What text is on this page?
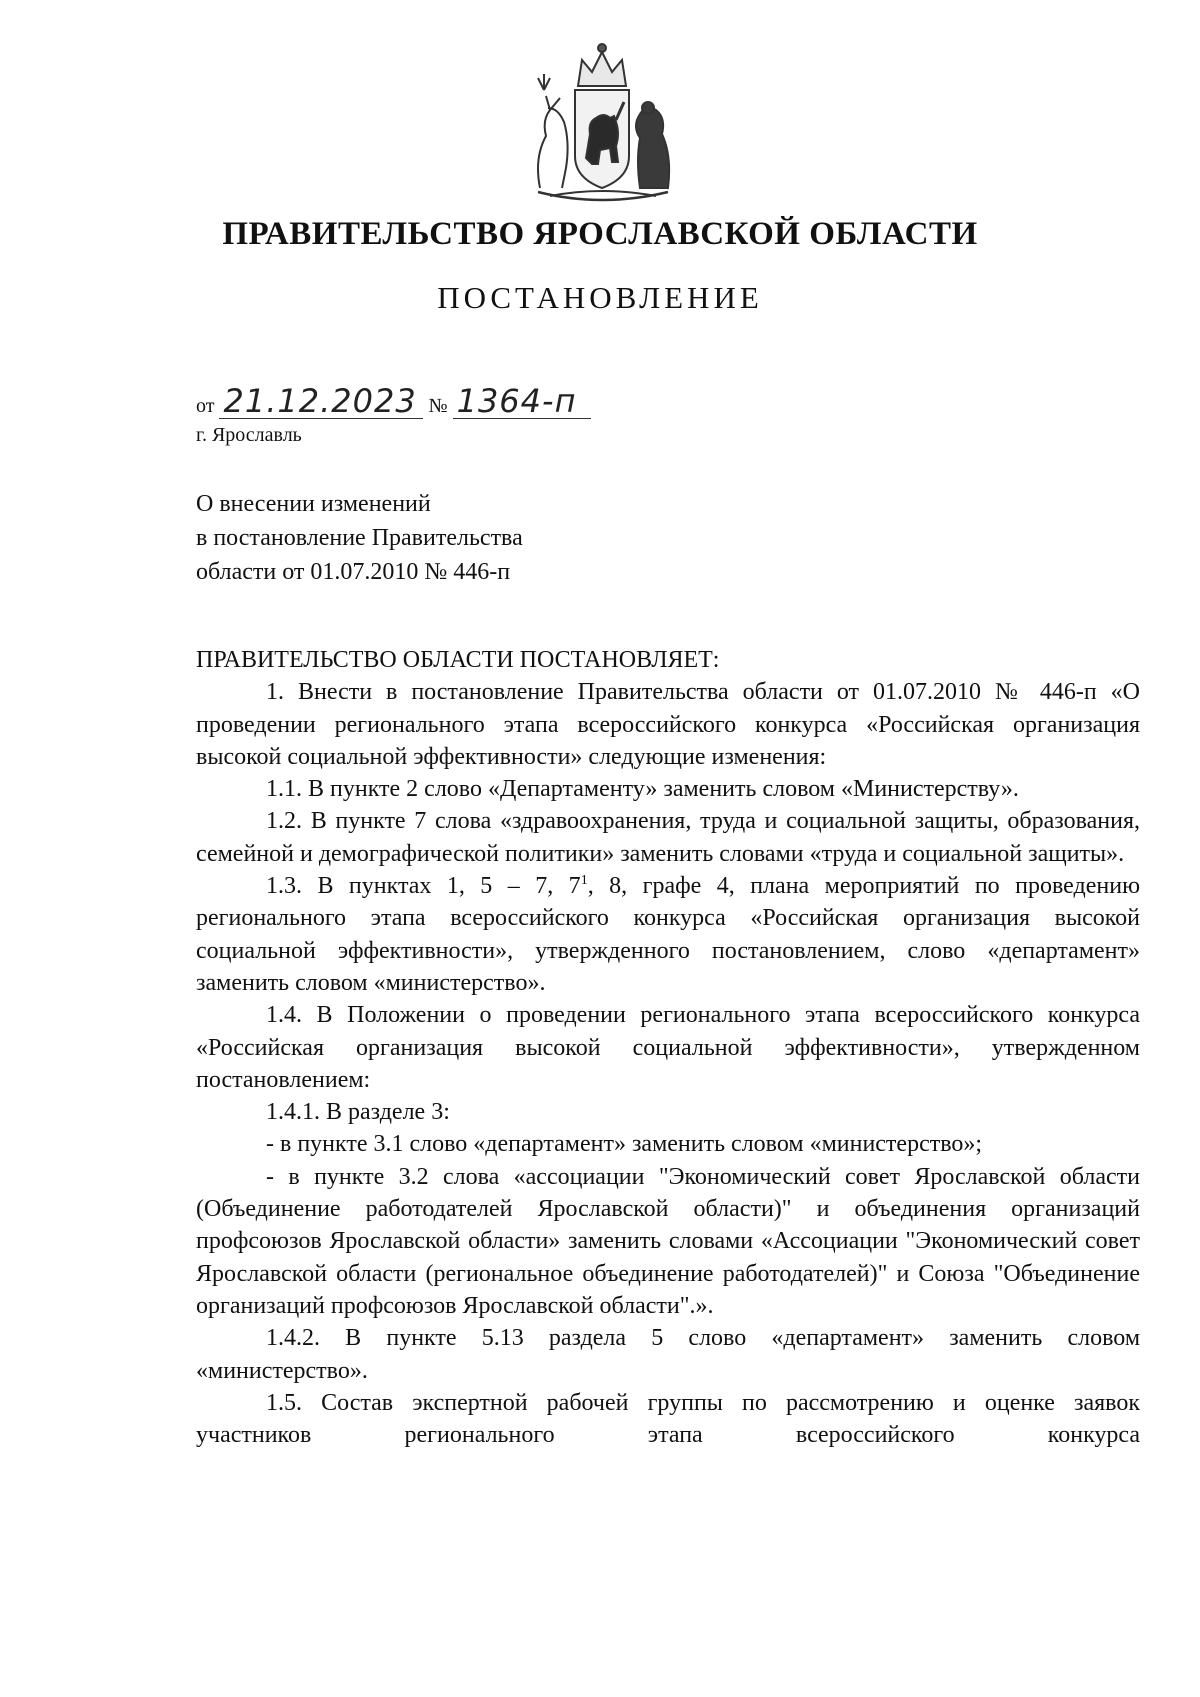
ПРАВИТЕЛЬСТВО ЯРОСЛАВСКОЙ ОБЛАСТИ
ПОСТАНОВЛЕНИЕ
от 21.12.2023 № 1364-п
г. Ярославль
О внесении изменений
в постановление Правительства
области от 01.07.2010 № 446-п

ПРАВИТЕЛЬСТВО ОБЛАСТИ ПОСТАНОВЛЯЕТ:

1. Внести в постановление Правительства области от 01.07.2010 № 446-п «О проведении регионального этапа всероссийского конкурса «Российская организация высокой социальной эффективности» следующие изменения:

1.1. В пункте 2 слово «Департаменту» заменить словом «Министерству».

1.2. В пункте 7 слова «здравоохранения, труда и социальной защиты, образования, семейной и демографической политики» заменить словами «труда и социальной защиты».

1.3. В пунктах 1, 5 – 7, $7^1$, 8, графе 4, плана мероприятий по проведению регионального этапа всероссийского конкурса «Российская организация высокой социальной эффективности», утвержденного постановлением, слово «департамент» заменить словом «министерство».

1.4. В Положении о проведении регионального этапа всероссийского конкурса «Российская организация высокой социальной эффективности», утвержденном постановлением:

1.4.1. В разделе 3:

- в пункте 3.1 слово «департамент» заменить словом «министерство»;

- в пункте 3.2 слова «ассоциации "Экономический совет Ярославской области (Объединение работодателей Ярославской области)" и объединения организаций профсоюзов Ярославской области» заменить словами «Ассоциации "Экономический совет Ярославской области (региональное объединение работодателей)" и Союза "Объединение организаций профсоюзов Ярославской области".».

1.4.2. В пункте 5.13 раздела 5 слово «департамент» заменить словом «министерство».

1.5. Состав экспертной рабочей группы по рассмотрению и оценке заявок участников регионального этапа всероссийского конкурса
